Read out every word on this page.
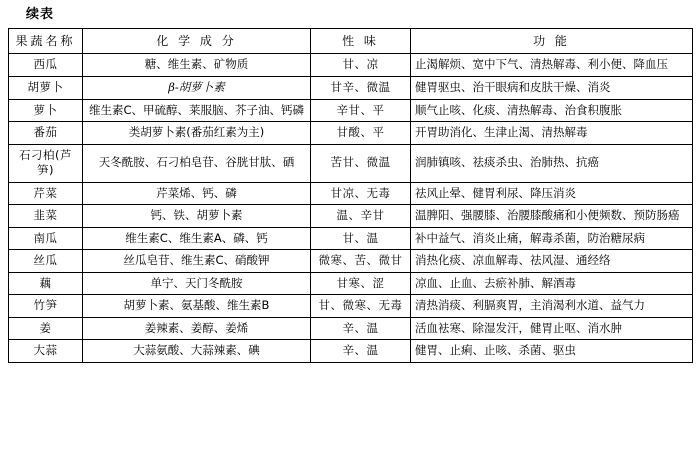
续表
果蔬名称	化 学 成 分	性 味	功 能
西瓜	糖、维生素、矿物质	甘、凉	止渴解烦、宽中下气、清热解毒、利小便、降血压
胡萝卜	β-胡萝卜素	甘辛、微温	健胃驱虫、治干眼病和皮肤干燥、消炎
萝卜	维生素C、甲硫醇、莱服脑、芥子油、钙磷	辛甘、平	顺气止咳、化痰、清热解毒、治食积腹胀
番茄	类胡萝卜素(番茄红素为主)	甘酸、平	开胃助消化、生津止渴、清热解毒
石刁柏(芦笋)	天冬酰胺、石刁柏皂苷、谷胱甘肽、硒	苦甘、微温	润肺镇咳、祛痰杀虫、治肺热、抗癌
芹菜	芹菜烯、钙、磷	甘凉、无毒	祛风止晕、健胃利尿、降压消炎
韭菜	钙、铁、胡萝卜素	温、辛甘	温脾阳、强腰膝、治腰膝酸痛和小便频数、预防肠癌
南瓜	维生素C、维生素A、磷、钙	甘、温	补中益气、消炎止痛，解毒杀菌，防治糖尿病
丝瓜	丝瓜皂苷、维生素C、硝酸钾	微寒、苦、微甘	消热化痰、凉血解毒、祛风湿、通经络
藕	单宁、天门冬酰胺	甘寒、涩	凉血、止血、去瘀补肺、解酒毒
竹笋	胡萝卜素、氨基酸、维生素B	甘、微寒、无毒	清热消痰、利膈爽胃，主消渴利水道、益气力
姜	姜辣素、姜醇、姜烯	辛、温	活血袪寒、除湿发汗，健胃止呕、消水肿
大蒜	大蒜氨酸、大蒜辣素、碘	辛、温	健胃、止痢、止咳、杀菌、驱虫
